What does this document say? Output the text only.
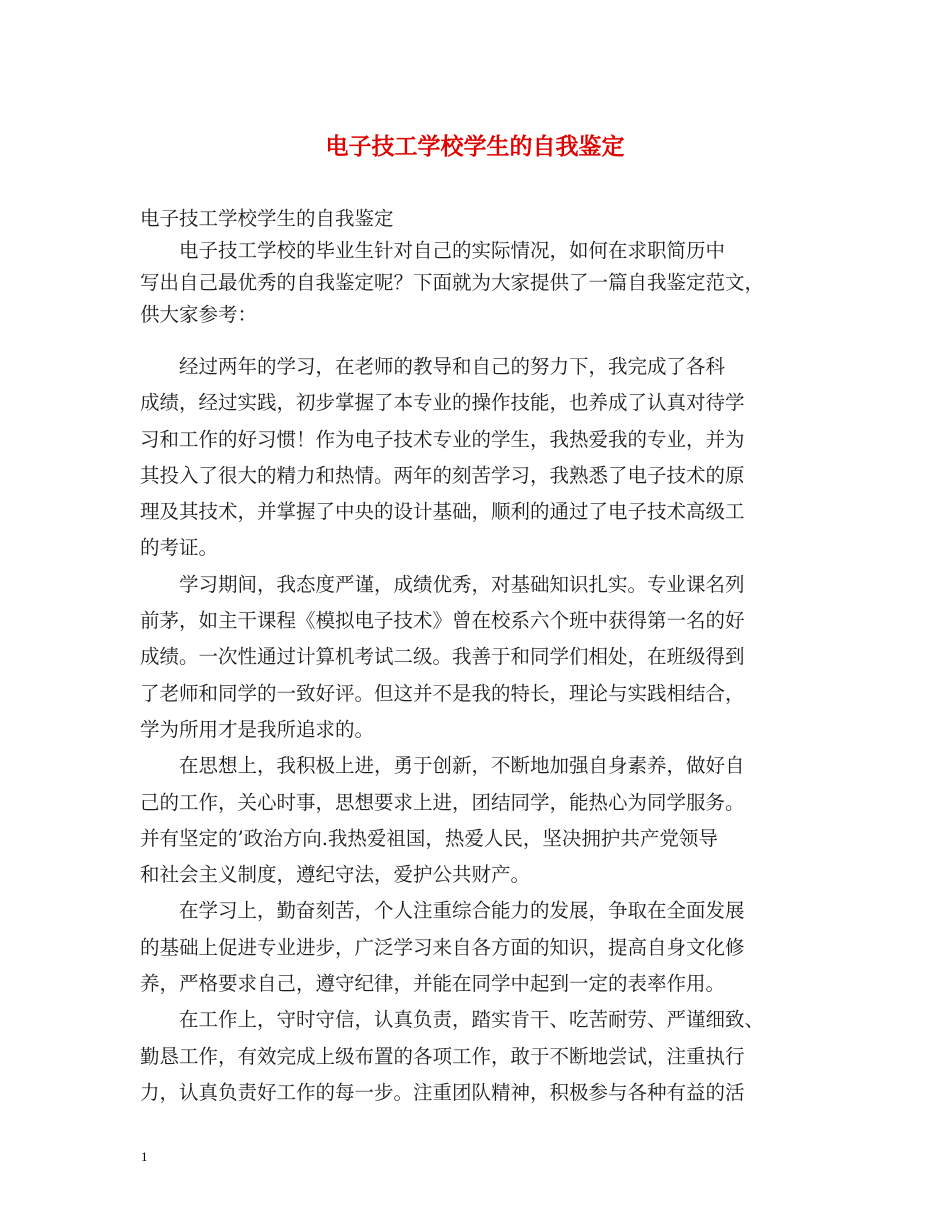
电子技工学校学生的自我鉴定
电子技工学校学生的自我鉴定
　　电子技工学校的毕业生针对自己的实际情况，如何在求职简历中
写出自己最优秀的自我鉴定呢？下面就为大家提供了一篇自我鉴定范文，
供大家参考：
　　经过两年的学习，在老师的教导和自己的努力下，我完成了各科
成绩，经过实践，初步掌握了本专业的操作技能，也养成了认真对待学
习和工作的好习惯！作为电子技术专业的学生，我热爱我的专业，并为
其投入了很大的精力和热情。两年的刻苦学习，我熟悉了电子技术的原
理及其技术，并掌握了中央的设计基础，顺利的通过了电子技术高级工
的考证。
　　学习期间，我态度严谨，成绩优秀，对基础知识扎实。专业课名列
前茅，如主干课程《模拟电子技术》曾在校系六个班中获得第一名的好
成绩。一次性通过计算机考试二级。我善于和同学们相处，在班级得到
了老师和同学的一致好评。但这并不是我的特长，理论与实践相结合，
学为所用才是我所追求的。
　　在思想上，我积极上进，勇于创新，不断地加强自身素养，做好自
己的工作，关心时事，思想要求上进，团结同学，能热心为同学服务。
并有坚定的’政治方向.我热爱祖国，热爱人民，坚决拥护共产党领导
和社会主义制度，遵纪守法，爱护公共财产。
　　在学习上，勤奋刻苦，个人注重综合能力的发展，争取在全面发展
的基础上促进专业进步，广泛学习来自各方面的知识，提高自身文化修
养，严格要求自己，遵守纪律，并能在同学中起到一定的表率作用。
　　在工作上，守时守信，认真负责，踏实肯干、吃苦耐劳、严谨细致、
勤恳工作，有效完成上级布置的各项工作，敢于不断地尝试，注重执行
力，认真负责好工作的每一步。注重团队精神，积极参与各种有益的活
1
